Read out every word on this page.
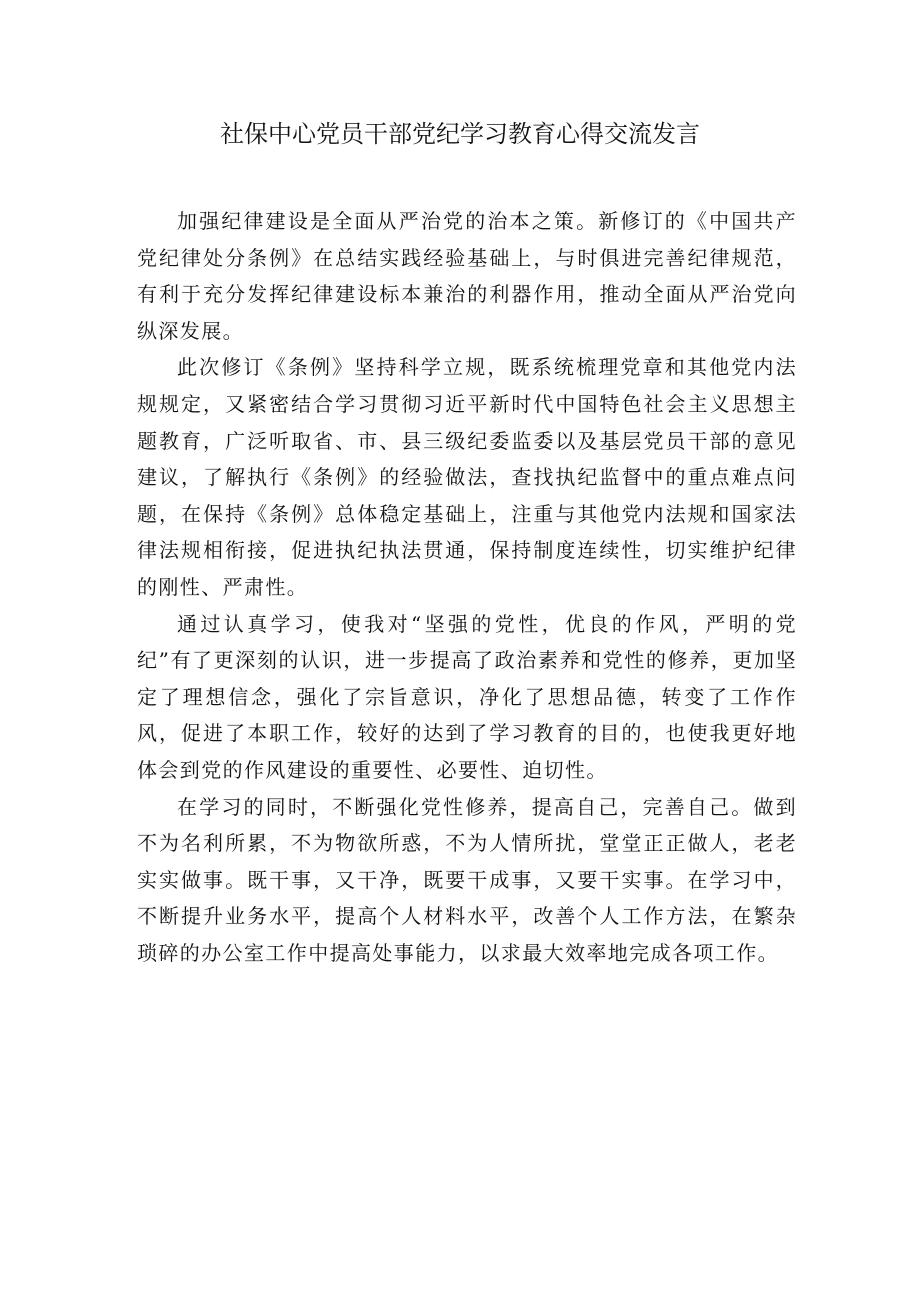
社保中心党员干部党纪学习教育心得交流发言

加强纪律建设是全面从严治党的治本之策。新修订的《中国共产党纪律处分条例》在总结实践经验基础上，与时俱进完善纪律规范，有利于充分发挥纪律建设标本兼治的利器作用，推动全面从严治党向纵深发展。

此次修订《条例》坚持科学立规，既系统梳理党章和其他党内法规规定，又紧密结合学习贯彻习近平新时代中国特色社会主义思想主题教育，广泛听取省、市、县三级纪委监委以及基层党员干部的意见建议，了解执行《条例》的经验做法，查找执纪监督中的重点难点问题，在保持《条例》总体稳定基础上，注重与其他党内法规和国家法律法规相衔接，促进执纪执法贯通，保持制度连续性，切实维护纪律的刚性、严肃性。

通过认真学习，使我对“坚强的党性，优良的作风，严明的党纪”有了更深刻的认识，进一步提高了政治素养和党性的修养，更加坚定了理想信念，强化了宗旨意识，净化了思想品德，转变了工作作风，促进了本职工作，较好的达到了学习教育的目的，也使我更好地体会到党的作风建设的重要性、必要性、迫切性。

在学习的同时，不断强化党性修养，提高自己，完善自己。做到不为名利所累，不为物欲所惑，不为人情所扰，堂堂正正做人，老老实实做事。既干事，又干净，既要干成事，又要干实事。在学习中，不断提升业务水平，提高个人材料水平，改善个人工作方法，在繁杂琐碎的办公室工作中提高处事能力，以求最大效率地完成各项工作。
